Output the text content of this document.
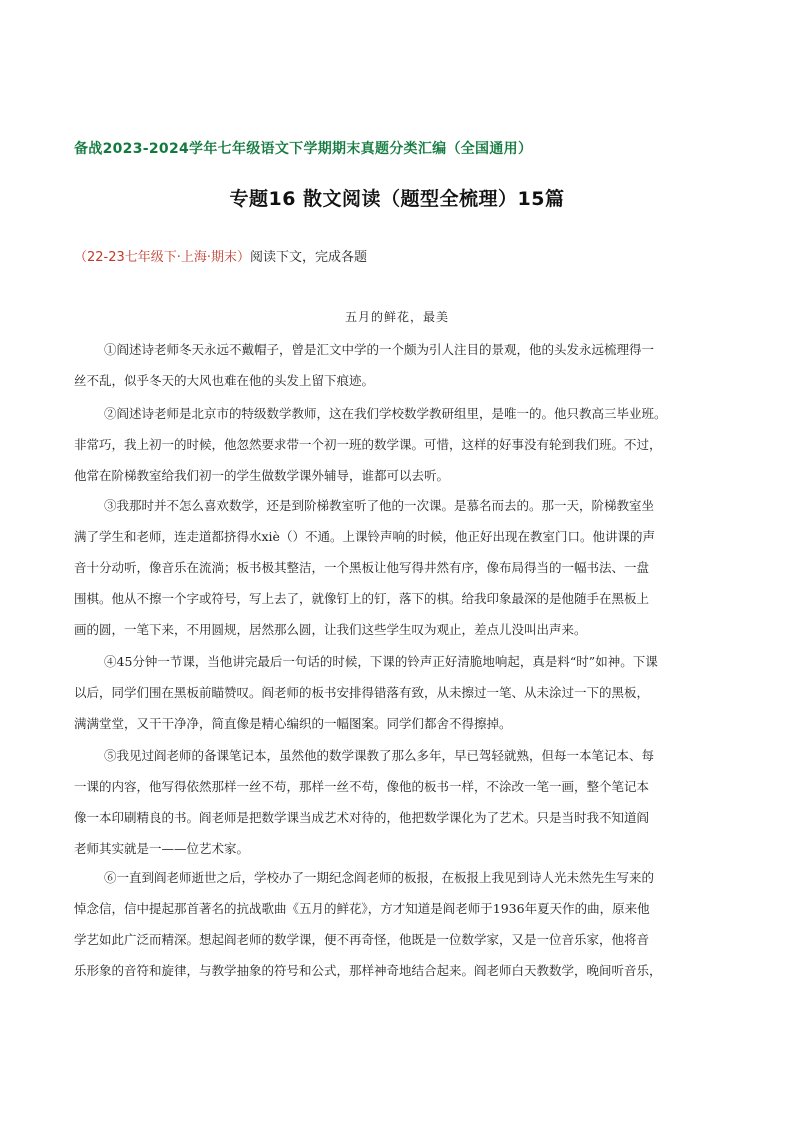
备战2023-2024学年七年级语文下学期期末真题分类汇编（全国通用）
专题16 散文阅读（题型全梳理）15篇
（22-23七年级下·上海·期末）阅读下文，完成各题
五月的鲜花，最美
①阎述诗老师冬天永远不戴帽子，曾是汇文中学的一个颇为引人注目的景观，他的头发永远梳理得一
丝不乱，似乎冬天的大风也难在他的头发上留下痕迹。
②阎述诗老师是北京市的特级数学教师，这在我们学校数学教研组里，是唯一的。他只教高三毕业班。
非常巧，我上初一的时候，他忽然要求带一个初一班的数学课。可惜，这样的好事没有轮到我们班。不过，
他常在阶梯教室给我们初一的学生做数学课外辅导，谁都可以去听。
③我那时并不怎么喜欢数学，还是到阶梯教室听了他的一次课。是慕名而去的。那一天，阶梯教室坐
满了学生和老师，连走道都挤得水xiè（）不通。上课铃声响的时候，他正好出现在教室门口。他讲课的声
音十分动听，像音乐在流淌；板书极其整洁，一个黑板让他写得井然有序，像布局得当的一幅书法、一盘
围棋。他从不擦一个字或符号，写上去了，就像钉上的钉，落下的棋。给我印象最深的是他随手在黑板上
画的圆，一笔下来，不用圆规，居然那么圆，让我们这些学生叹为观止，差点儿没叫出声来。
④45分钟一节课，当他讲完最后一句话的时候，下课的铃声正好清脆地响起，真是料“时”如神。下课
以后，同学们围在黑板前瞄赞叹。阎老师的板书安排得错落有致，从未擦过一笔、从未涂过一下的黑板，
满满堂堂，又干干净净，简直像是精心编织的一幅图案。同学们都舍不得擦掉。
⑤我见过阎老师的备课笔记本，虽然他的数学课教了那么多年，早已驾轻就熟，但每一本笔记本、每
一课的内容，他写得依然那样一丝不苟，那样一丝不苟，像他的板书一样，不涂改一笔一画，整个笔记本
像一本印刷精良的书。阎老师是把数学课当成艺术对待的，他把数学课化为了艺术。只是当时我不知道阎
老师其实就是一——位艺术家。
⑥一直到阎老师逝世之后，学校办了一期纪念阎老师的板报，在板报上我见到诗人光未然先生写来的
悼念信，信中提起那首著名的抗战歌曲《五月的鲜花》，方才知道是阎老师于1936年夏天作的曲，原来他
学艺如此广泛而精深。想起阎老师的数学课，便不再奇怪，他既是一位数学家，又是一位音乐家，他将音
乐形象的音符和旋律，与教学抽象的符号和公式，那样神奇地结合起来。阎老师白天教数学，晚间听音乐，
